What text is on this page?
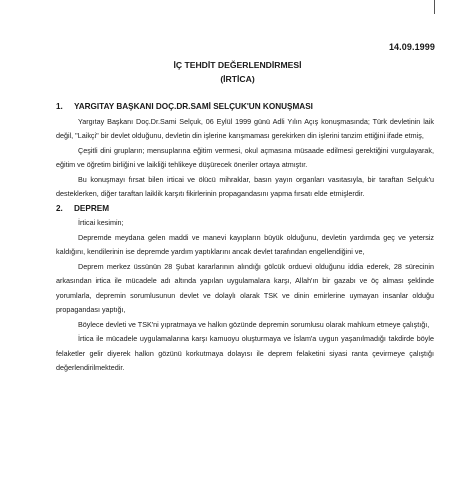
14.09.1999
İÇ TEHDİT DEĞERLENDİRMESİ
(İRTİCA)
1. YARGITAY BAŞKANI DOÇ.DR.SAMİ SELÇUK'UN KONUŞMASI
Yargıtay Başkanı Doç.Dr.Sami Selçuk, 06 Eylül 1999 günü Adli Yılın Açış konuşmasında; Türk devletinin laik değil, "Laikçi" bir devlet olduğunu, devletin din işlerine karışmaması gerekirken din işlerini tanzim ettiğini ifade etmiş,
Çeşitli dini grupların; mensuplarına eğitim vermesi, okul açmasına müsaade edilmesi gerektiğini vurgulayarak, eğitim ve öğretim birliğini ve laikliği tehlikeye düşürecek öneriler ortaya atmıştır.
Bu konuşmayı fırsat bilen irticai ve ölücü mihraklar, basın yayın organları vasıtasıyla, bir taraftan Selçuk'u desteklerken, diğer taraftan laiklik karşıtı fikirlerinin propagandasını yapma fırsatı elde etmişlerdir.
2. DEPREM
İrticai kesimin;
Depremde meydana gelen maddi ve manevi kayıpların büyük olduğunu, devletin yardımda geç ve yetersiz kaldığını, kendilerinin ise depremde yardım yaptıklarını ancak devlet tarafından engellendiğini ve,
Deprem merkez üssünün 28 Şubat kararlarının alındığı gölcük orduevi olduğunu iddia ederek, 28 sürecinin arkasından irtica ile mücadele adı altında yapılan uygulamalara karşı, Allah'ın bir gazabı ve öç alması şeklinde yorumlarla, depremin sorumlusunun devlet ve dolaylı olarak TSK ve dinin emirlerine uymayan insanlar olduğu propagandası yaptığı,
Böylece devleti ve TSK'ni yıpratmaya ve halkın gözünde depremin sorumlusu olarak mahkum etmeye çalıştığı,
İrtica ile mücadele uygulamalarına karşı kamuoyu oluşturmaya ve İslam'a uygun yaşanılmadığı takdirde böyle felaketler gelir diyerek halkın gözünü korkutmaya dolayısı ile deprem felaketini siyasi ranta çevirmeye çalıştığı değerlendirilmektedir.
